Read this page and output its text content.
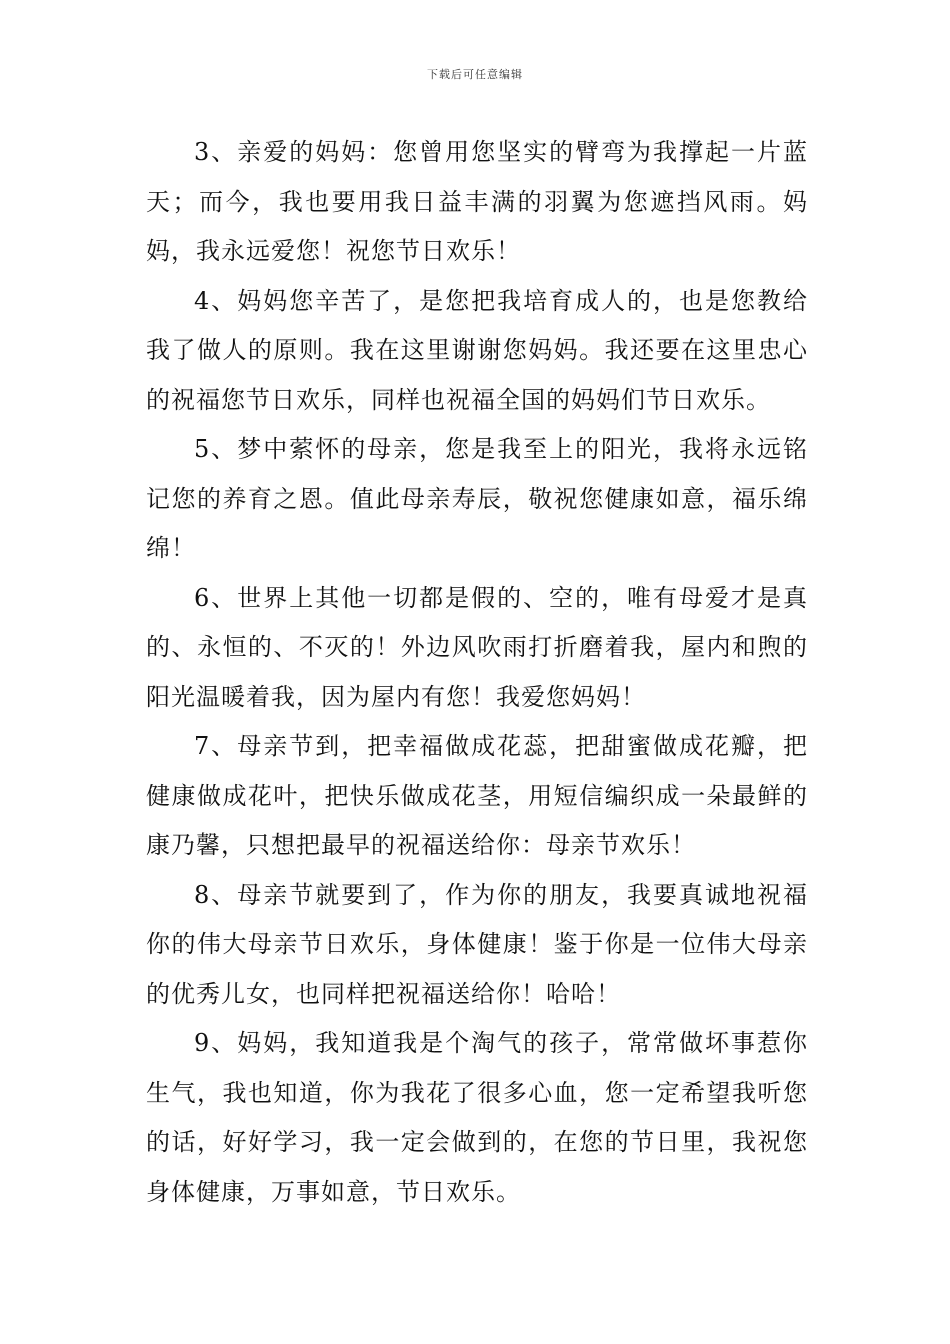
下载后可任意编辑

3、亲爱的妈妈：您曾用您坚实的臂弯为我撑起一片蓝天；而今，我也要用我日益丰满的羽翼为您遮挡风雨。妈妈，我永远爱您！祝您节日欢乐！

4、妈妈您辛苦了，是您把我培育成人的，也是您教给我了做人的原则。我在这里谢谢您妈妈。我还要在这里忠心的祝福您节日欢乐，同样也祝福全国的妈妈们节日欢乐。

5、梦中萦怀的母亲，您是我至上的阳光，我将永远铭记您的养育之恩。值此母亲寿辰，敬祝您健康如意，福乐绵绵！

6、世界上其他一切都是假的、空的，唯有母爱才是真的、永恒的、不灭的！外边风吹雨打折磨着我，屋内和煦的阳光温暖着我，因为屋内有您！我爱您妈妈！

7、母亲节到，把幸福做成花蕊，把甜蜜做成花瓣，把健康做成花叶，把快乐做成花茎，用短信编织成一朵最鲜的康乃馨，只想把最早的祝福送给你：母亲节欢乐！

8、母亲节就要到了，作为你的朋友，我要真诚地祝福你的伟大母亲节日欢乐，身体健康！鉴于你是一位伟大母亲的优秀儿女，也同样把祝福送给你！哈哈！

9、妈妈，我知道我是个淘气的孩子，常常做坏事惹你生气，我也知道，你为我花了很多心血，您一定希望我听您的话，好好学习，我一定会做到的，在您的节日里，我祝您身体健康，万事如意，节日欢乐。
